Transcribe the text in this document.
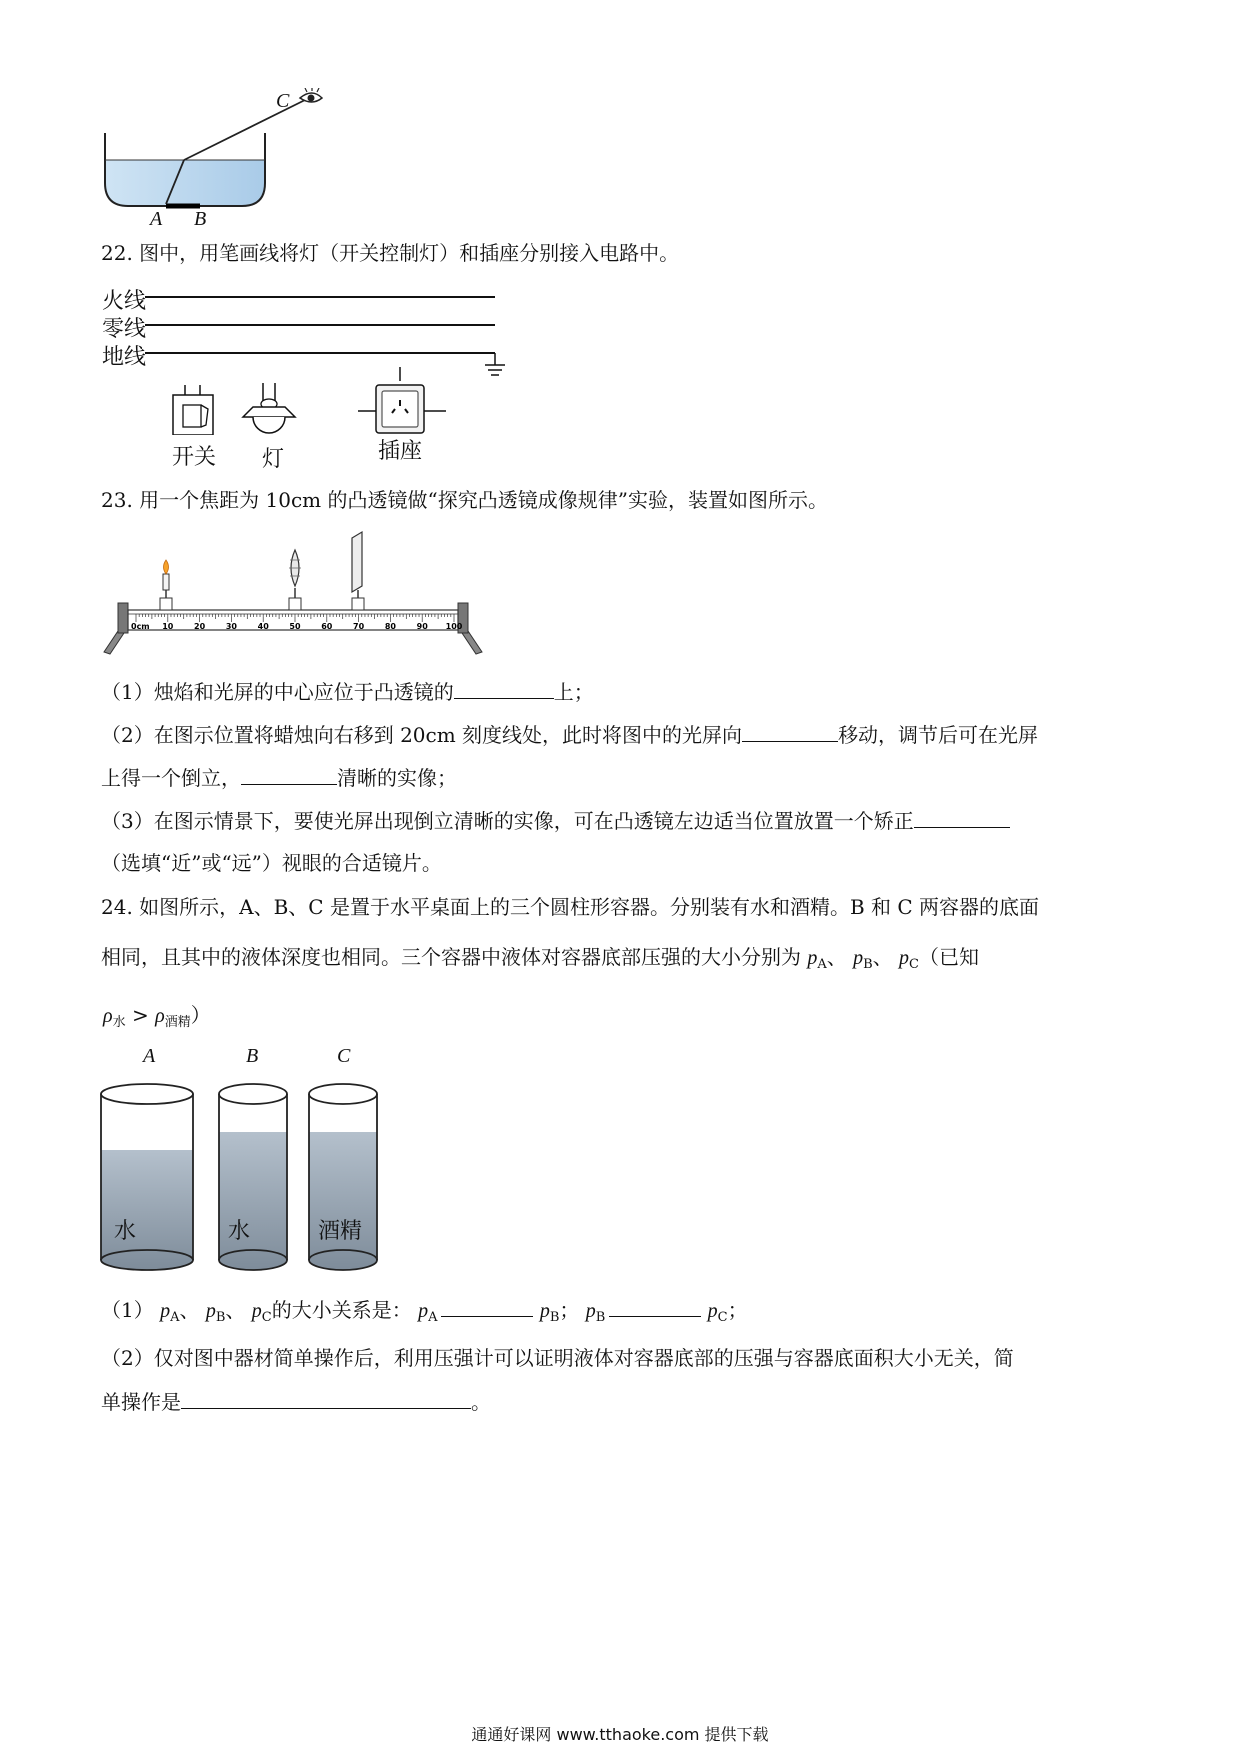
C
A B
22. 图中，用笔画线将灯（开关控制灯）和插座分别接入电路中。
火线
零线
地线
开关 灯	插座
23. 用一个焦距为 10cm 的凸透镜做“探究凸透镜成像规律”实验，装置如图所示。
0cm 10	20	30	40	50	60	70	80	90 100
（1）烛焰和光屏的中心应位于凸透镜的	上；
（2）在图示位置将蜡烛向右移到 20cm 刻度线处，此时将图中的光屏向	移动，调节后可在光屏
上得一个倒立，	清晰的实像；
（3）在图示情景下，要使光屏出现倒立清晰的实像，可在凸透镜左边适当位置放置一个矫正
（选填“近”或“远”）视眼的合适镜片。
24. 如图所示，A、B、C 是置于水平桌面上的三个圆柱形容器。分别装有水和酒精。B 和 C 两容器的底面
相同，且其中的液体深度也相同。三个容器中液体对容器底部压强的大小分别为 $p_A$、 $p_B$、 $p_C$（已知
$\rho_水 > \rho_{酒精}$）
A	B	C
水	水	酒精
（1） $p_A$、 $p_B$、 $p_C$的大小关系是： $p_A$	$p_B$； $p_B$	$p_C$；
（2）仅对图中器材简单操作后，利用压强计可以证明液体对容器底部的压强与容器底面积大小无关，简
单操作是	。
通通好课网 www.tthaoke.com 提供下载
